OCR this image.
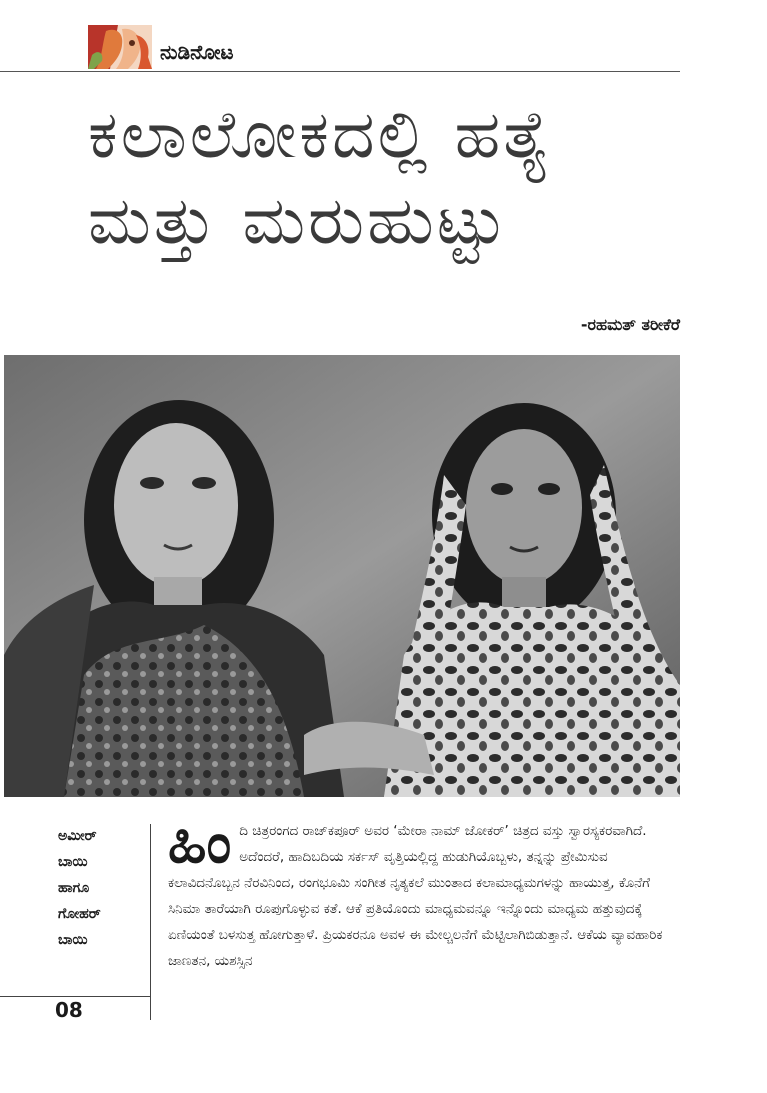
ನುಡಿನೋಟ
ಕಲಾಲೋಕದಲ್ಲಿ ಹತ್ಯೆ
ಮತ್ತು ಮರುಹುಟ್ಟು
-ರಹಮತ್ ತರೀಕೆರೆ
ಅಮೀರ್
ಬಾಯಿ
ಹಾಗೂ
ಗೋಹರ್
ಬಾಯಿ
ಹಿಂ ದಿ ಚಿತ್ರರಂಗದ ರಾಜ್‌ಕಪೂರ್ ಅವರ ‘ಮೇರಾ ನಾಮ್ ಜೋಕರ್’ ಚಿತ್ರದ ವಸ್ತು ಸ್ವಾರಸ್ಯಕರವಾಗಿದೆ. ಅದೆಂದರೆ, ಹಾದಿಬದಿಯ ಸರ್ಕಸ್ ವೃತ್ತಿಯಲ್ಲಿದ್ದ ಹುಡುಗಿಯೊಬ್ಬಳು, ತನ್ನನ್ನು ಪ್ರೇಮಿಸುವ ಕಲಾವಿದನೊಬ್ಬನ ನೆರವಿನಿಂದ, ರಂಗಭೂಮಿ ಸಂಗೀತ ನೃತ್ಯಕಲೆ ಮುಂತಾದ ಕಲಾಮಾಧ್ಯಮಗಳನ್ನು ಹಾಯುತ್ತ, ಕೊನೆಗೆ ಸಿನಿಮಾ ತಾರೆಯಾಗಿ ರೂಪುಗೊಳ್ಳುವ ಕತೆ. ಆಕೆ ಪ್ರತಿಯೊಂದು ಮಾಧ್ಯಮವನ್ನೂ ಇನ್ನೊಂದು ಮಾಧ್ಯಮ ಹತ್ತುವುದಕ್ಕೆ ಏಣಿಯಂತೆ ಬಳಸುತ್ತ ಹೋಗುತ್ತಾಳೆ. ಪ್ರಿಯಕರನೂ ಅವಳ ಈ ಮೇಲ್ಚಲನೆಗೆ ಮೆಟ್ಟಿಲಾಗಿಬಿಡುತ್ತಾನೆ. ಆಕೆಯ ವ್ಯಾವಹಾರಿಕ ಜಾಣತನ, ಯಶಸ್ಸಿನ
08
